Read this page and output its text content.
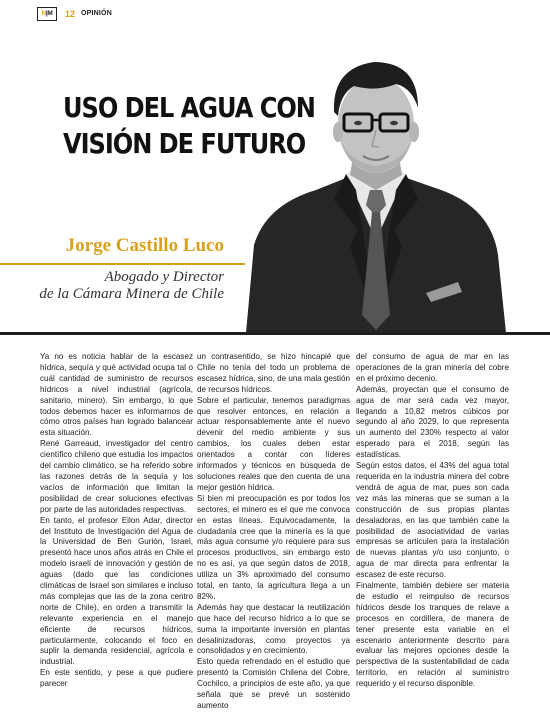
N|M	12 OPINIÓN
USO DEL AGUA CON
VISIÓN DE FUTURO
Jorge Castillo Luco
Abogado y Director
de la Cámara Minera de Chile

Ya no es noticia hablar de la escasez hídrica, sequía y qué actividad ocupa tal o cuál cantidad de suministro de recursos hídricos a nivel industrial (agrícola, sanitario, minero). Sin embargo, lo que todos debemos hacer es informarnos de cómo otros países han logrado balancear esta situación.

René Garreaud, investigador del centro científico chileno que estudia los impactos del cambio climático, se ha referido sobre las razones detrás de la sequía y los vacíos de información que limitan la posibilidad de crear soluciones efectivas por parte de las autoridades respectivas.

En tanto, el profesor Eilon Adar, director del Instituto de Investigación del Agua de la Universidad de Ben Gurión, Israel, presentó hace unos años atrás en Chile el modelo israelí de innovación y gestión de aguas (dado que las condiciones climáticas de Israel son similares e incluso más complejas que las de la zona centro norte de Chile), en orden a transmitir la relevante experiencia en el manejo eficiente de recursos hídricos, particularmente, colocando el foco en suplir la demanda residencial, agrícola e industrial.

En este sentido, y pese a que pudiere parecer

un contrasentido, se hizo hincapié que Chile no tenía del todo un problema de escasez hídrica, sino, de una mala gestión de recursos hídricos.

Sobre el particular, tenemos paradigmas que resolver entonces, en relación a actuar responsablemente ante el nuevo devenir del medio ambiente y sus cambios, los cuales deben estar orientados a contar con líderes informados y técnicos en búsqueda de soluciones reales que den cuenta de una mejor gestión hídrica.

Si bien mi preocupación es por todos los sectores, el minero es el que me convoca en estas líneas. Equivocadamente, la ciudadanía cree que la minería es la que más agua consume y/o requiere para sus procesos productivos, sin embargo esto no es así, ya que según datos de 2018, utiliza un 3% aproximado del consumo total, en tanto, la agricultura llega a un 82%.

Además hay que destacar la reutilización que hace del recurso hídrico a lo que se suma la importante inversión en plantas desalinizadoras, como proyectos ya consolidados y en crecimiento.

Esto queda refrendado en el estudio que presentó la Comisión Chilena del Cobre, Cochilco, a principios de este año, ya que señala que se prevé un sostenido aumento

del consumo de agua de mar en las operaciones de la gran minería del cobre en el próximo decenio.

Además, proyectan que el consumo de agua de mar será cada vez mayor, llegando a 10,82 metros cúbicos por segundo al año 2029, lo que representa un aumento del 230% respecto al valor esperado para el 2018, según las estadísticas.

Según estos datos, el 43% del agua total requerida en la industria minera del cobre vendrá de agua de mar, pues son cada vez más las mineras que se suman a la construcción de sus propias plantas desaladoras, en las que también cabe la posibilidad de asociatividad de varias empresas se articulen para la instalación de nuevas plantas y/o uso conjunto, o agua de mar directa para enfrentar la escasez de este recurso.

Finalmente, también debiere ser materia de estudio el reimpulso de recursos hídricos desde los tranques de relave a procesos en cordillera, de manera de tener presente esta variable en el escenario anteriormente descrito para evaluar las mejores opciones desde la perspectiva de la sustentabilidad de cada territorio, en relación al suministro requerido y el recurso disponible.
